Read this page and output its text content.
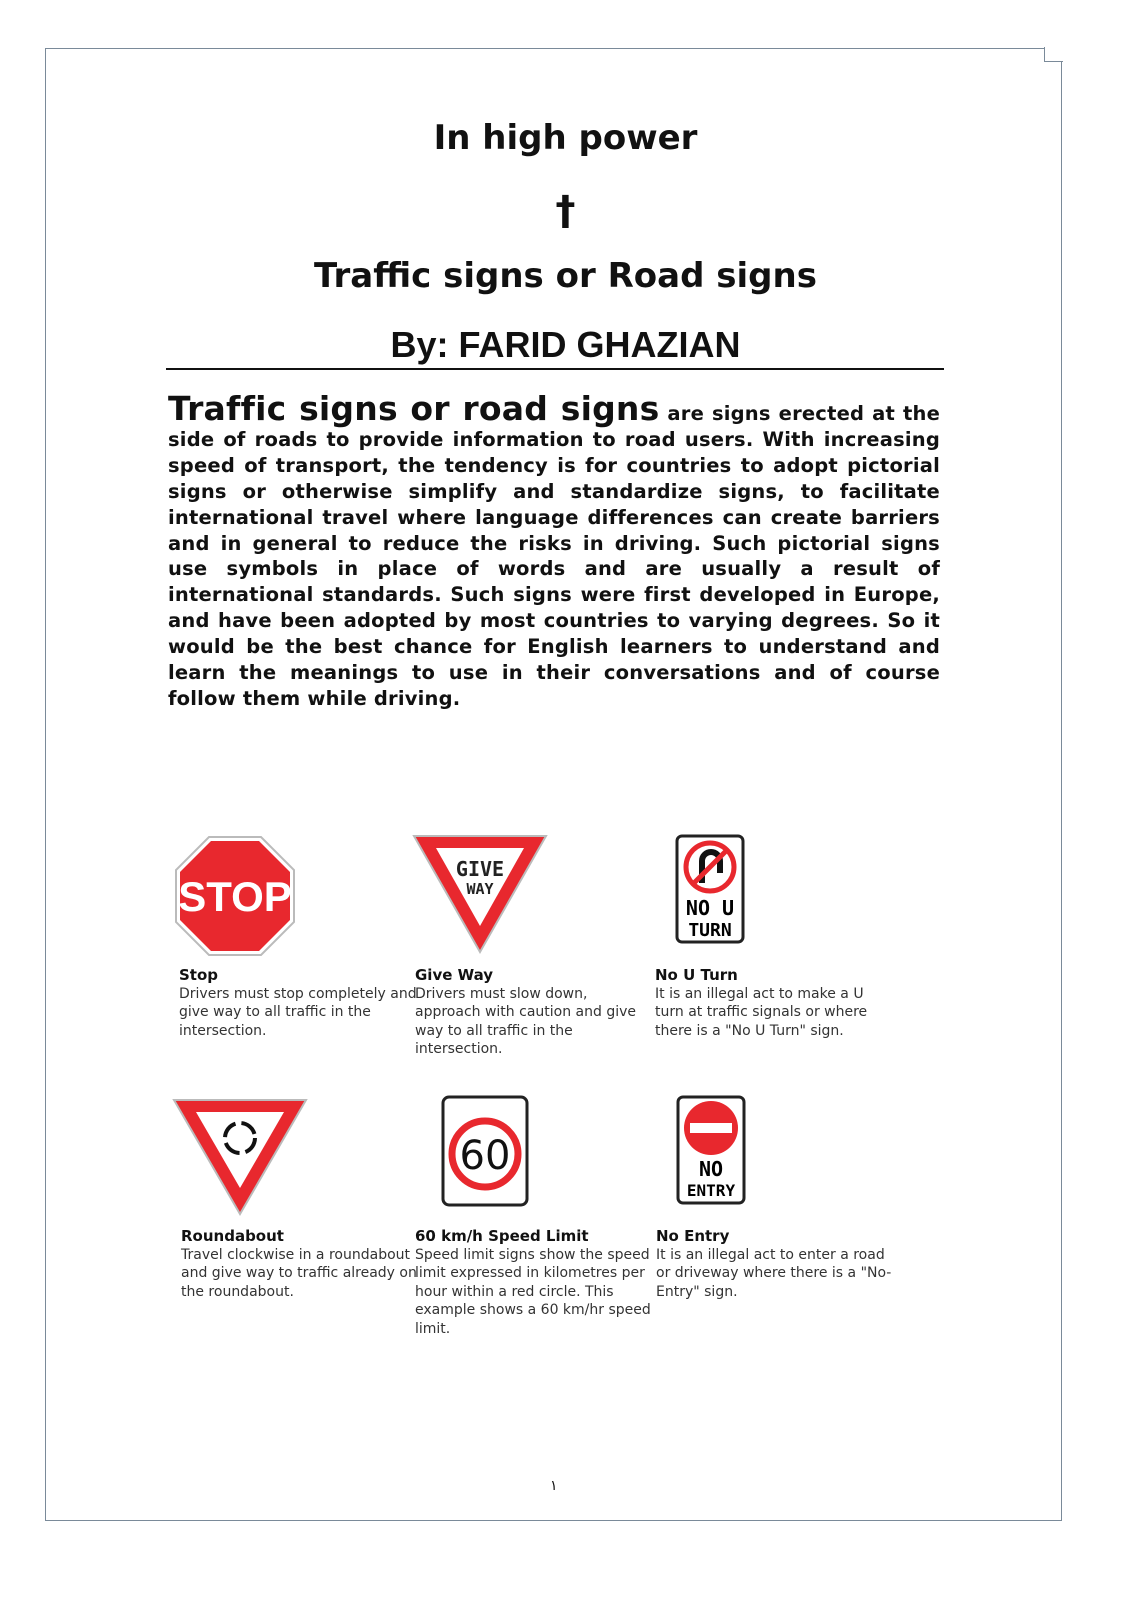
In high power
†
Traffic signs or Road signs
By: FARID GHAZIAN
Traffic signs or road signs are signs erected at the side of roads to provide information to road users. With increasing speed of transport, the tendency is for countries to adopt pictorial signs or otherwise simplify and standardize signs, to facilitate international travel where language differences can create barriers and in general to reduce the risks in driving. Such pictorial signs use symbols in place of words and are usually a result of international standards. Such signs were first developed in Europe, and have been adopted by most countries to varying degrees. So it would be the best chance for English learners to understand and learn the meanings to use in their conversations and of course follow them while driving.
STOP
Stop
Drivers must stop completely and give way to all traffic in the intersection.
GIVE
WAY
Give Way
Drivers must slow down, approach with caution and give way to all traffic in the intersection.
NO U
TURN
No U Turn
It is an illegal act to make a U turn at traffic signals or where there is a "No U Turn" sign.
Roundabout
Travel clockwise in a roundabout and give way to traffic already on the roundabout.
60
60 km/h Speed Limit
Speed limit signs show the speed limit expressed in kilometres per hour within a red circle. This example shows a 60 km/hr speed limit.
NO
ENTRY
No Entry
It is an illegal act to enter a road or driveway where there is a "No-Entry" sign.
١
